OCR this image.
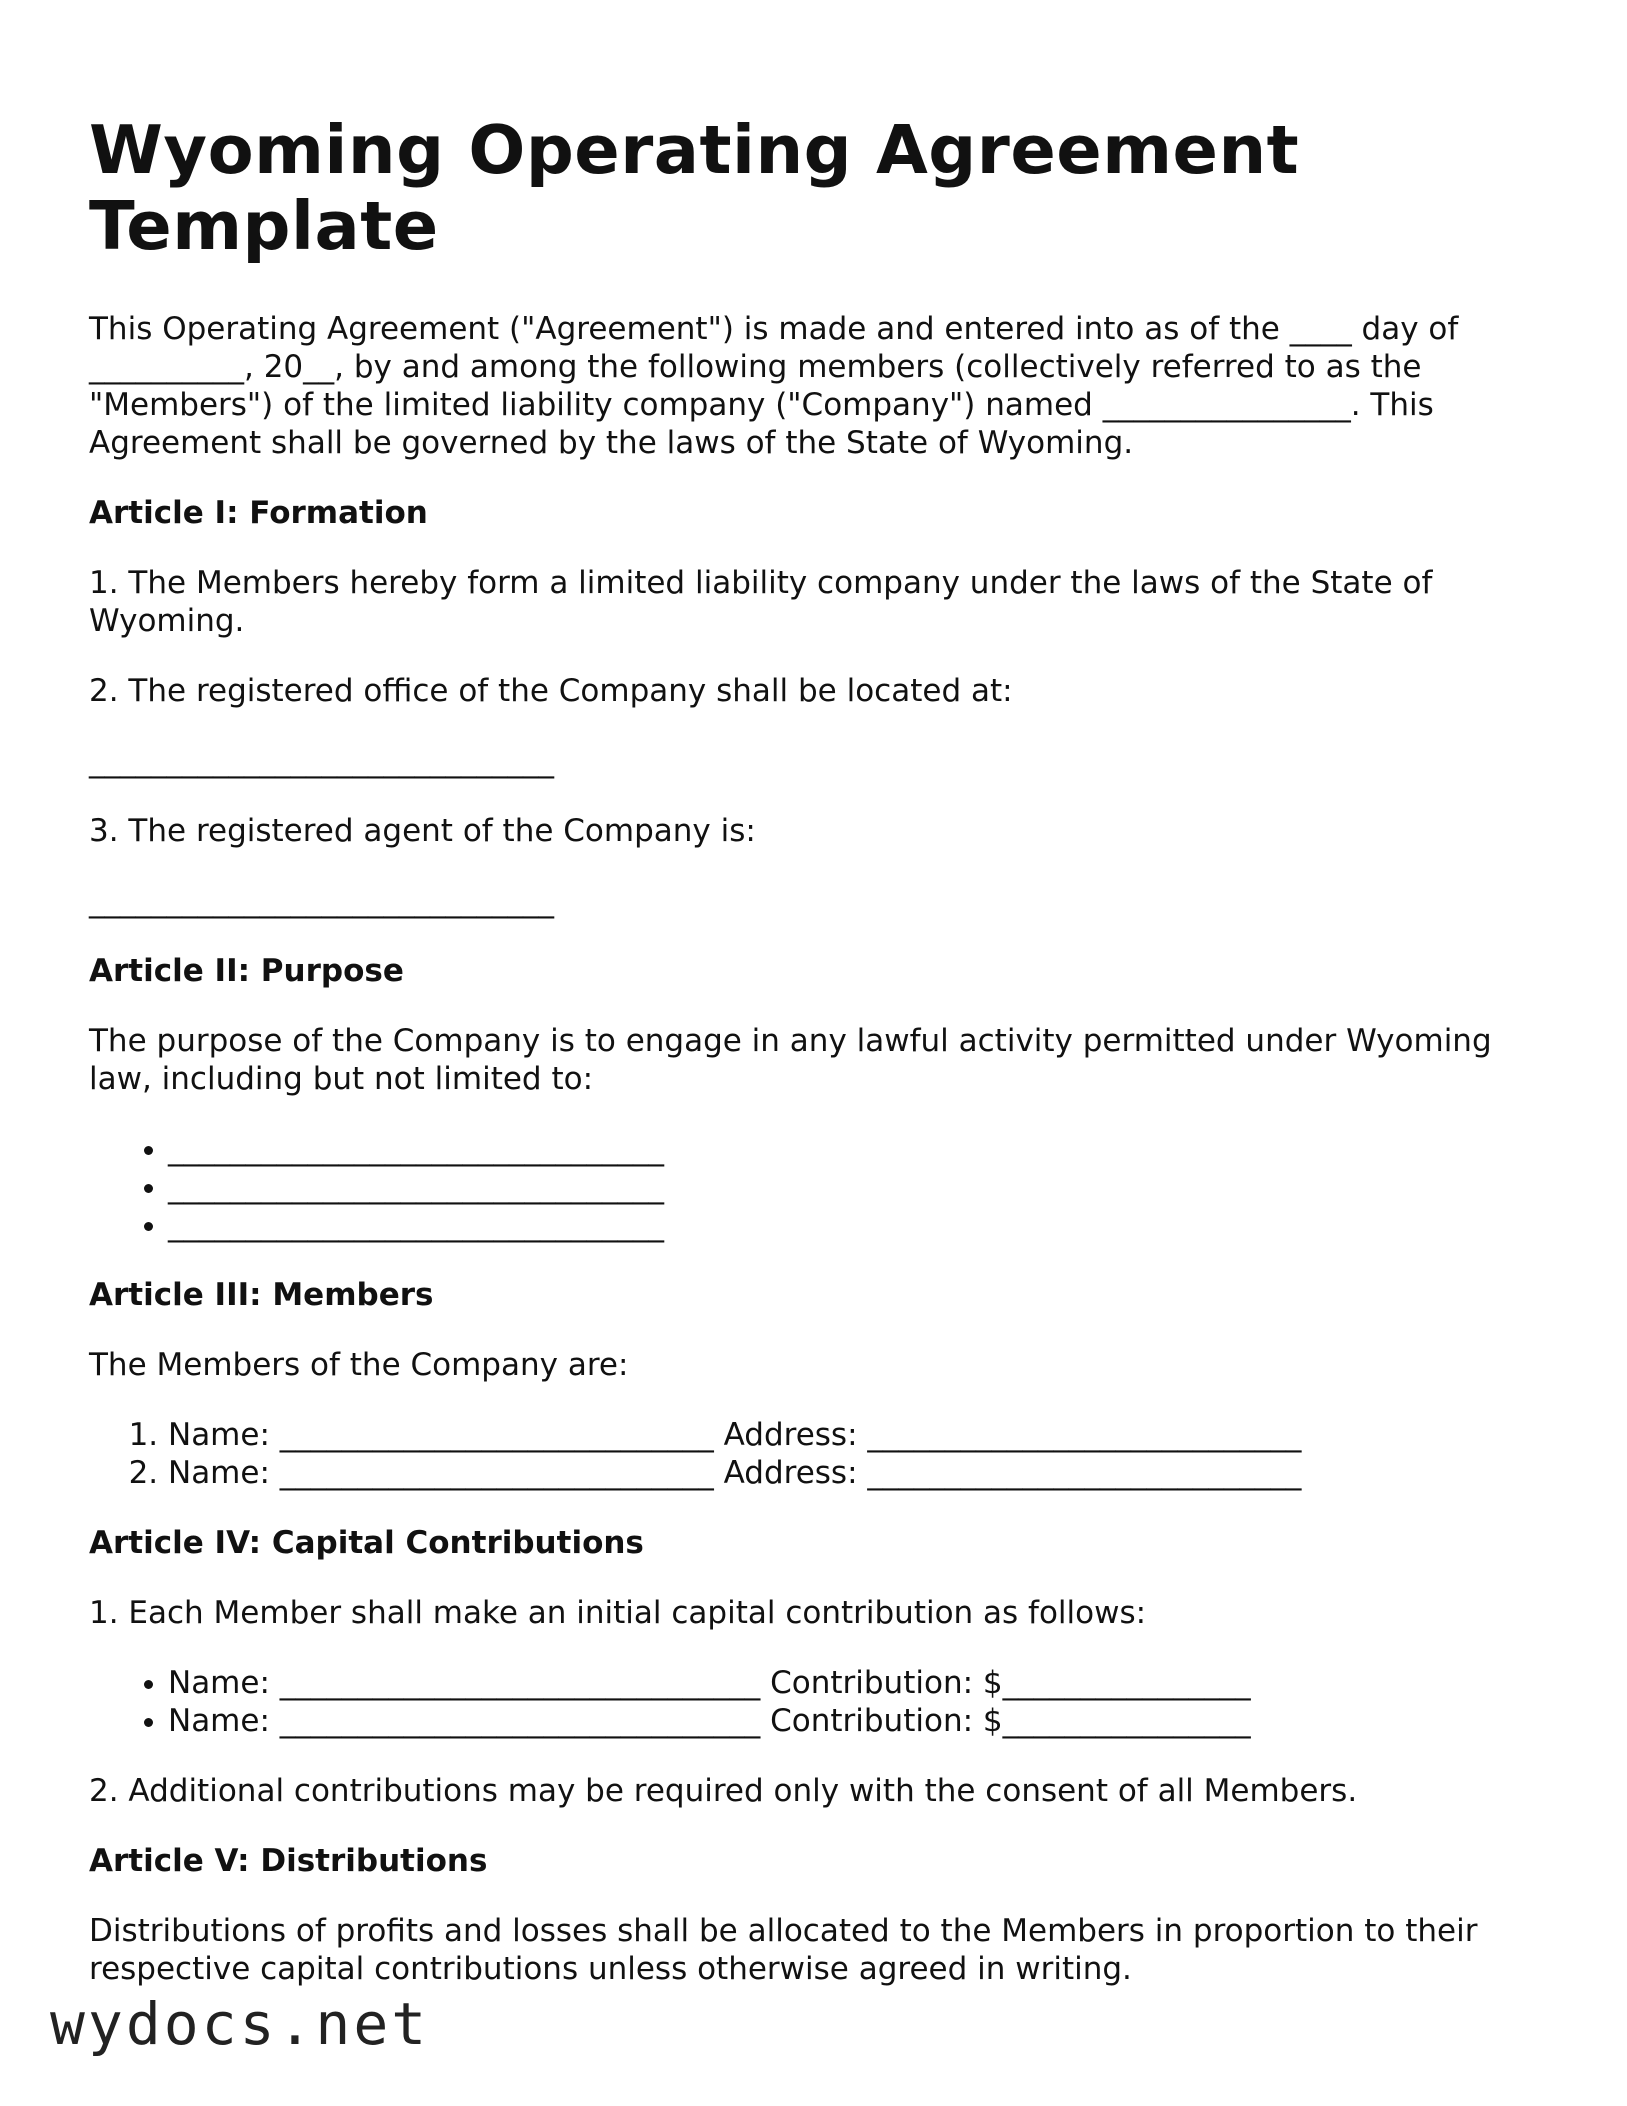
Wyoming Operating Agreement Template

This Operating Agreement ("Agreement") is made and entered into as of the ____ day of __________, 20__, by and among the following members (collectively referred to as the "Members") of the limited liability company ("Company") named ________________. This Agreement shall be governed by the laws of the State of Wyoming.

Article I: Formation

1. The Members hereby form a limited liability company under the laws of the State of Wyoming.

2. The registered office of the Company shall be located at:

______________________________

3. The registered agent of the Company is:

______________________________
Article II: Purpose

The purpose of the Company is to engage in any lawful activity permitted under Wyoming law, including but not limited to:

• ________________________________
• ________________________________
• ________________________________
Article III: Members

The Members of the Company are:

1. Name: ____________________________ Address: ____________________________
2. Name: ____________________________ Address: ____________________________
Article IV: Capital Contributions

1. Each Member shall make an initial capital contribution as follows:

• Name: _______________________________ Contribution: $________________
• Name: _______________________________ Contribution: $________________

2. Additional contributions may be required only with the consent of all Members.

Article V: Distributions

Distributions of profits and losses shall be allocated to the Members in proportion to their respective capital contributions unless otherwise agreed in writing.

wydocs.net
